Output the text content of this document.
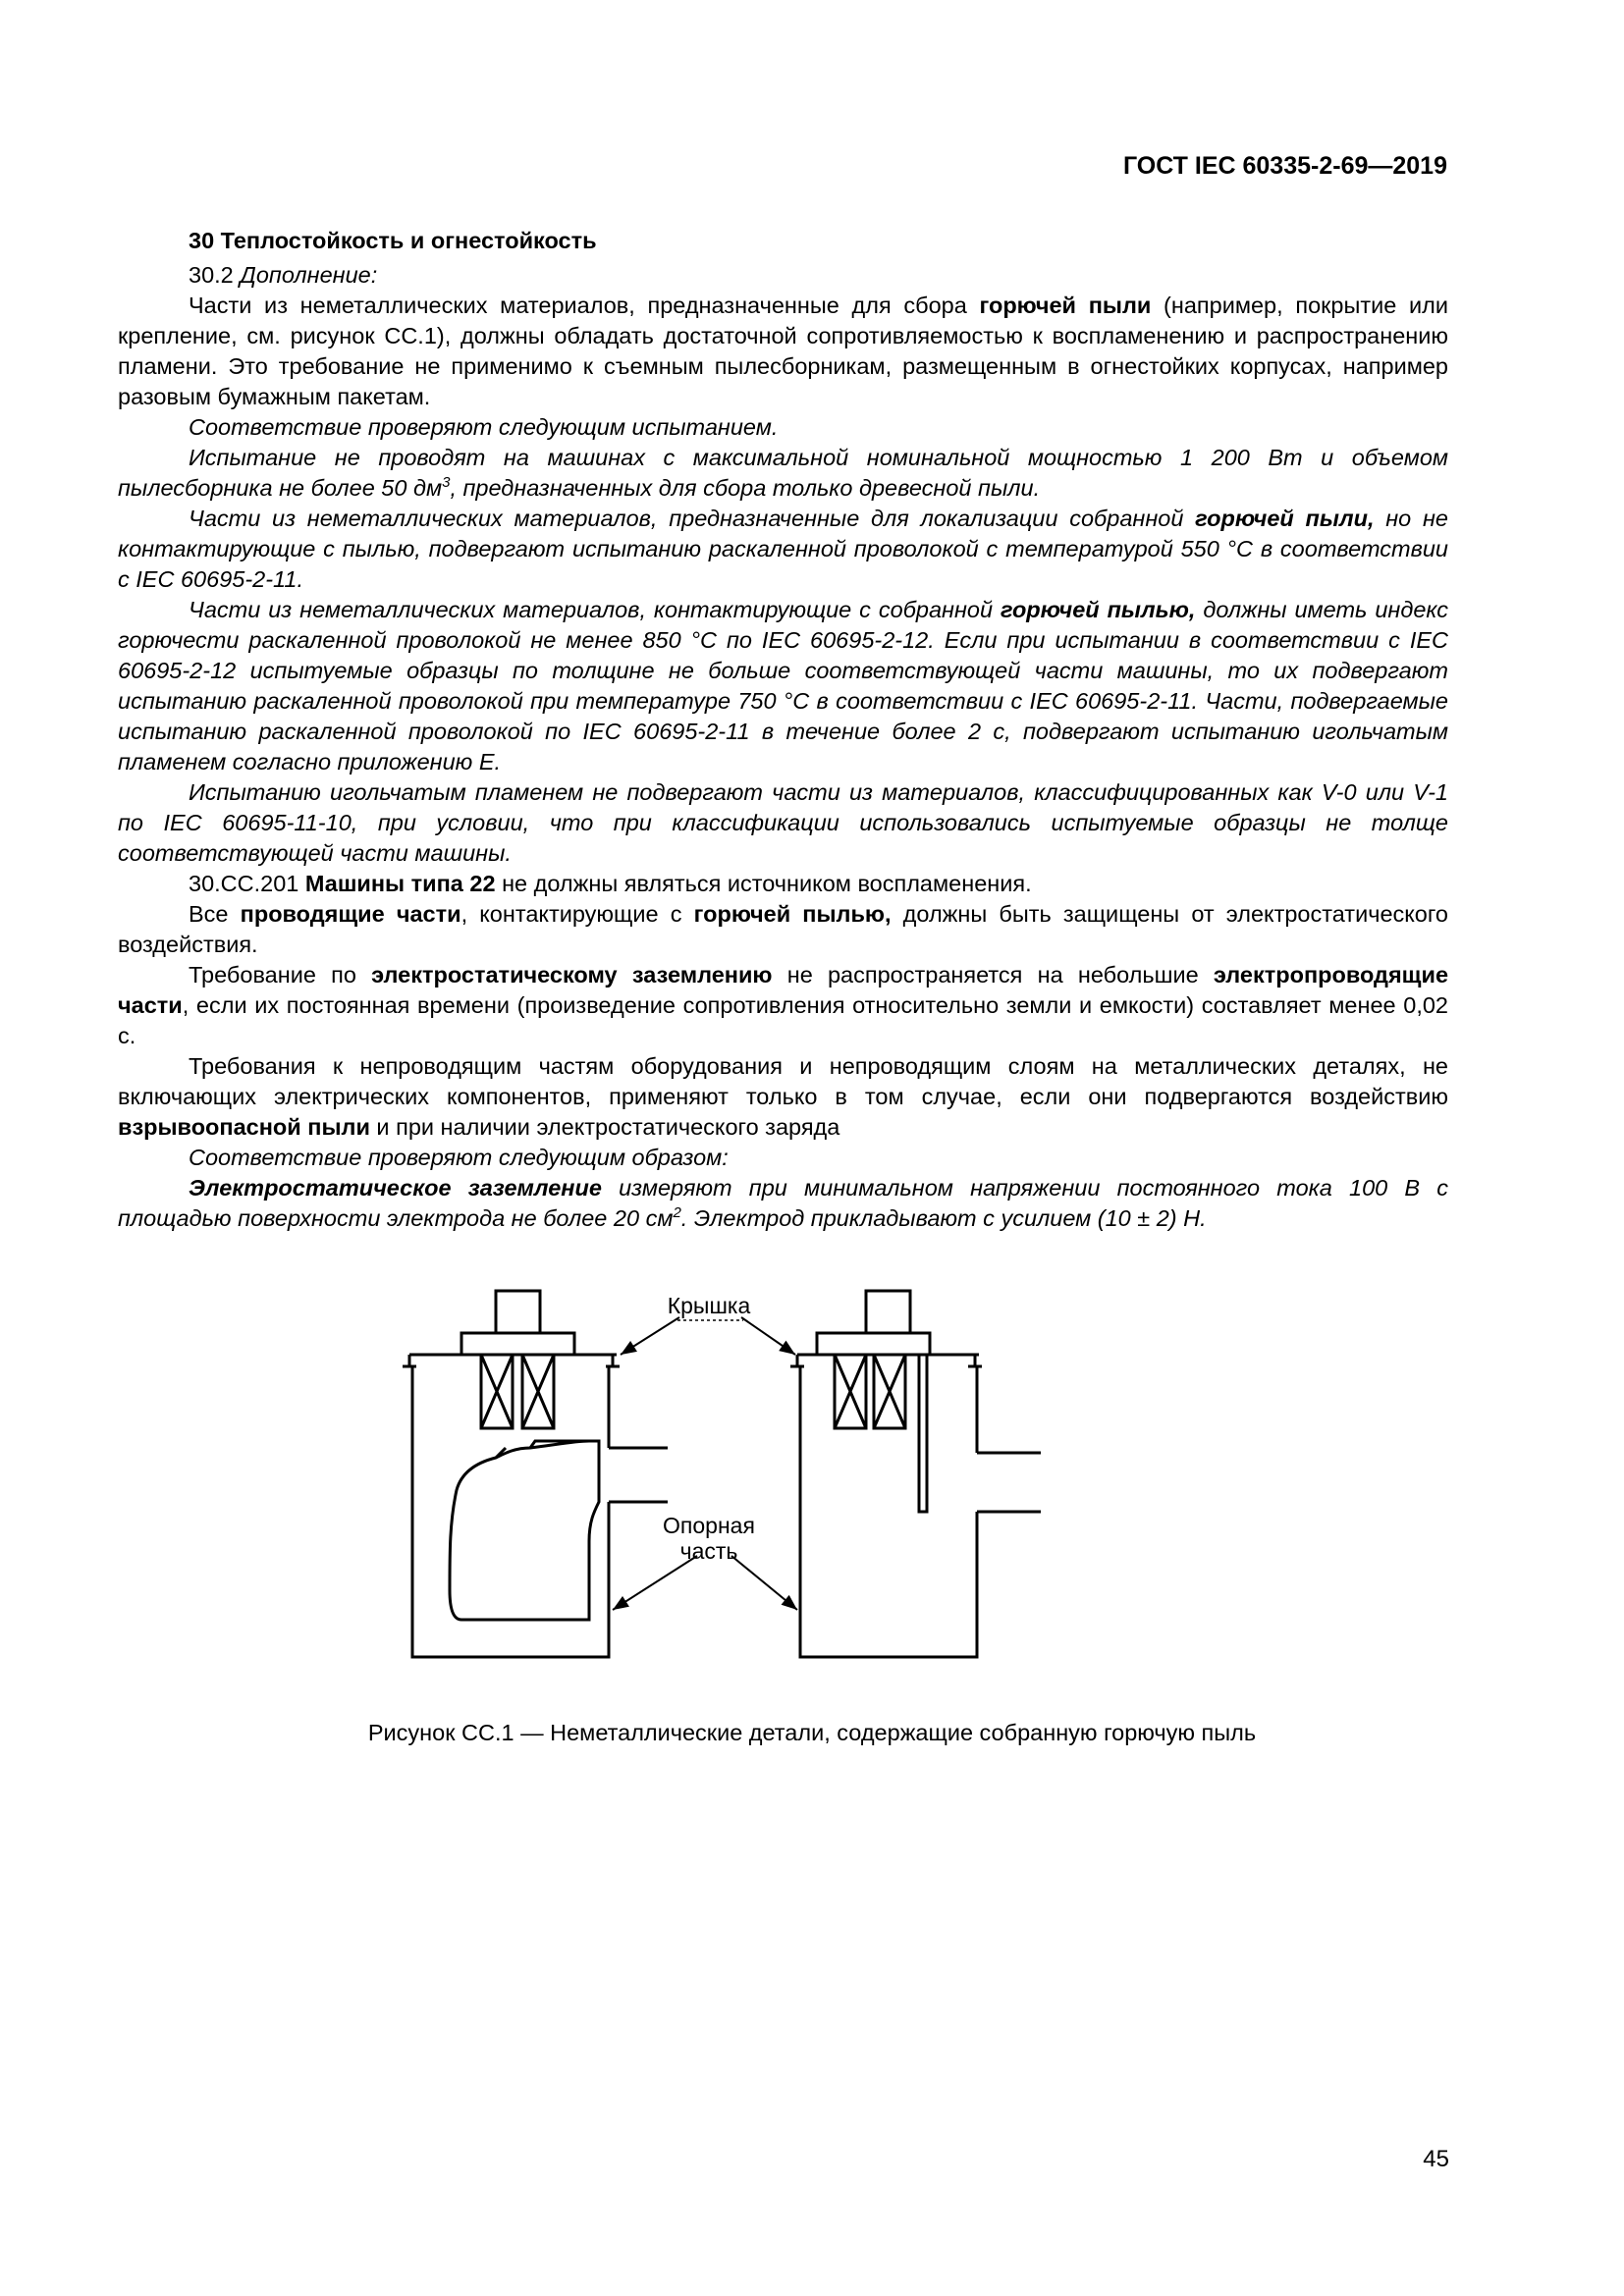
ГОСТ IEC 60335-2-69—2019

30 Теплостойкость и огнестойкость

30.2 Дополнение:

Части из неметаллических материалов, предназначенные для сбора горючей пыли (например, покрытие или крепление, см. рисунок CC.1), должны обладать достаточной сопротивляемостью к воспламенению и распространению пламени. Это требование не применимо к съемным пылесборникам, размещенным в огнестойких корпусах, например разовым бумажным пакетам.

Соответствие проверяют следующим испытанием.

Испытание не проводят на машинах с максимальной номинальной мощностью 1 200 Вт и объемом пылесборника не более 50 $дм^3$, предназначенных для сбора только древесной пыли.

Части из неметаллических материалов, предназначенные для локализации собранной горючей пыли, но не контактирующие с пылью, подвергают испытанию раскаленной проволокой с температурой 550 °С в соответствии с IEC 60695-2-11.

Части из неметаллических материалов, контактирующие с собранной горючей пылью, должны иметь индекс горючести раскаленной проволокой не менее 850 °С по IEC 60695-2-12. Если при испытании в соответствии с IEC 60695-2-12 испытуемые образцы по толщине не больше соответствующей части машины, то их подвергают испытанию раскаленной проволокой при температуре 750 °С в соответствии с IEC 60695-2-11. Части, подвергаемые испытанию раскаленной проволокой по IEC 60695-2-11 в течение более 2 с, подвергают испытанию игольчатым пламенем согласно приложению Е.

Испытанию игольчатым пламенем не подвергают части из материалов, классифицированных как V-0 или V-1 по IEC 60695-11-10, при условии, что при классификации использовались испытуемые образцы не толще соответствующей части машины.

30.CC.201 Машины типа 22 не должны являться источником воспламенения.

Все проводящие части, контактирующие с горючей пылью, должны быть защищены от электростатического воздействия.

Требование по электростатическому заземлению не распространяется на небольшие электропроводящие части, если их постоянная времени (произведение сопротивления относительно земли и емкости) составляет менее 0,02 с.

Требования к непроводящим частям оборудования и непроводящим слоям на металлических деталях, не включающих электрических компонентов, применяют только в том случае, если они подвергаются воздействию взрывоопасной пыли и при наличии электростатического заряда

Соответствие проверяют следующим образом:

Электростатическое заземление измеряют при минимальном напряжении постоянного тока 100 В с площадью поверхности электрода не более 20 $см^2$. Электрод прикладывают с усилием (10 ± 2) Н.

Крышка
Опорная
часть
Рисунок CC.1 — Неметаллические детали, содержащие собранную горючую пыль
45
